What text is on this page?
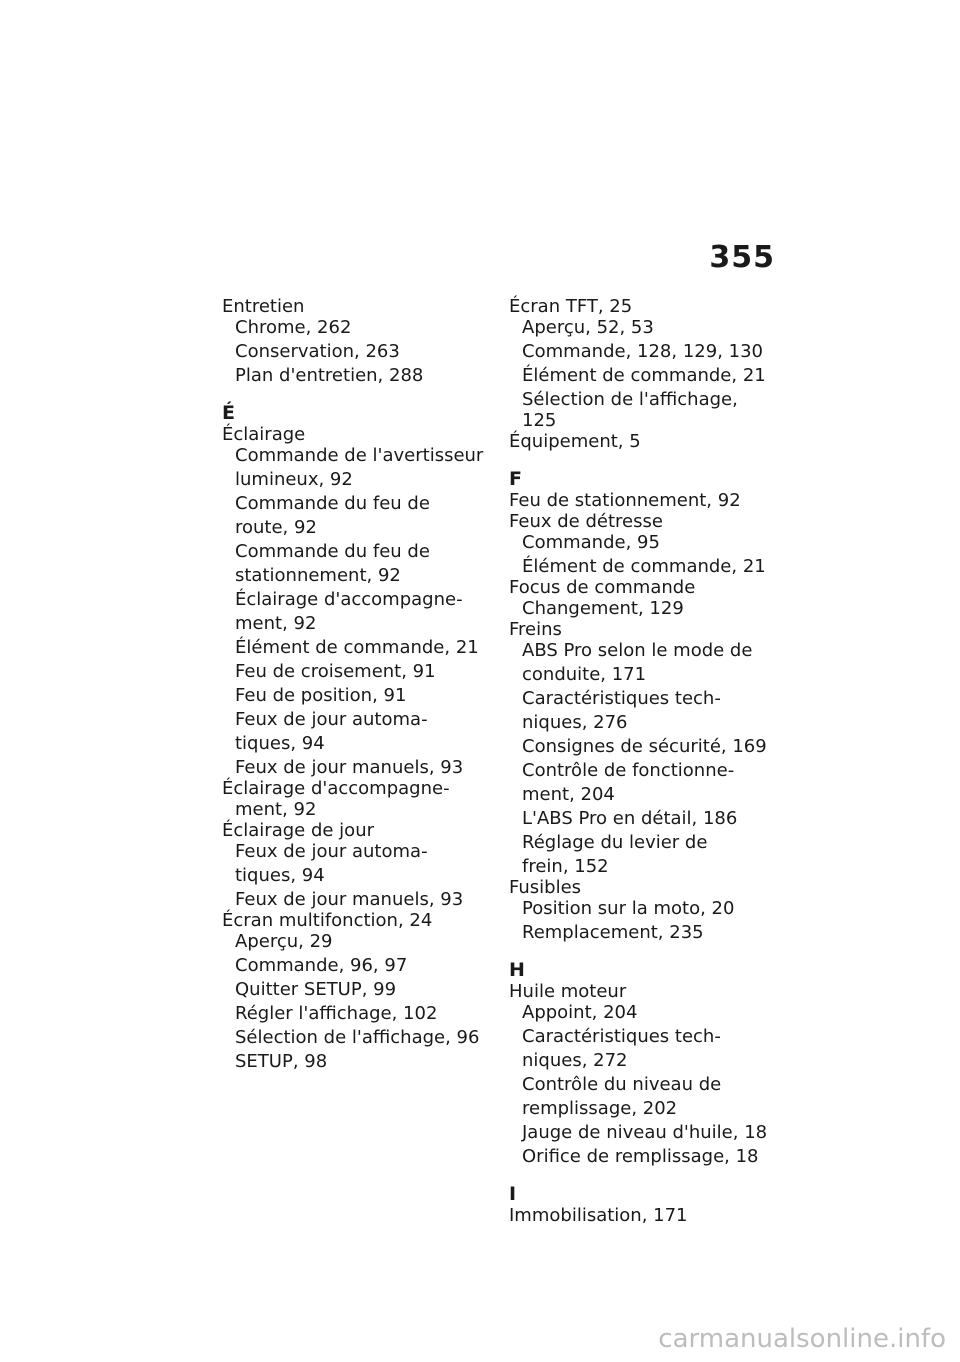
355
Entretien
Chrome, 262
Conservation, 263
Plan d'entretien, 288
É
Éclairage
Commande de l'avertisseur
lumineux, 92
Commande du feu de
route, 92
Commande du feu de
stationnement, 92
Éclairage d'accompagne-
ment, 92
Élément de commande, 21
Feu de croisement, 91
Feu de position, 91
Feux de jour automa-
tiques, 94
Feux de jour manuels, 93
Éclairage d'accompagne-
ment, 92
Éclairage de jour
Feux de jour automa-
tiques, 94
Feux de jour manuels, 93
Écran multifonction, 24
Aperçu, 29
Commande, 96, 97
Quitter SETUP, 99
Régler l'affichage, 102
Sélection de l'affichage, 96
SETUP, 98
Écran TFT, 25
Aperçu, 52, 53
Commande, 128, 129, 130
Élément de commande, 21
Sélection de l'affichage, 125
Équipement, 5
F
Feu de stationnement, 92
Feux de détresse
Commande, 95
Élément de commande, 21
Focus de commande
Changement, 129
Freins
ABS Pro selon le mode de
conduite, 171
Caractéristiques tech-
niques, 276
Consignes de sécurité, 169
Contrôle de fonctionne-
ment, 204
L'ABS Pro en détail, 186
Réglage du levier de
frein, 152
Fusibles
Position sur la moto, 20
Remplacement, 235
H
Huile moteur
Appoint, 204
Caractéristiques tech-
niques, 272
Contrôle du niveau de
remplissage, 202
Jauge de niveau d'huile, 18
Orifice de remplissage, 18
I
Immobilisation, 171
carmanualsonline.info
